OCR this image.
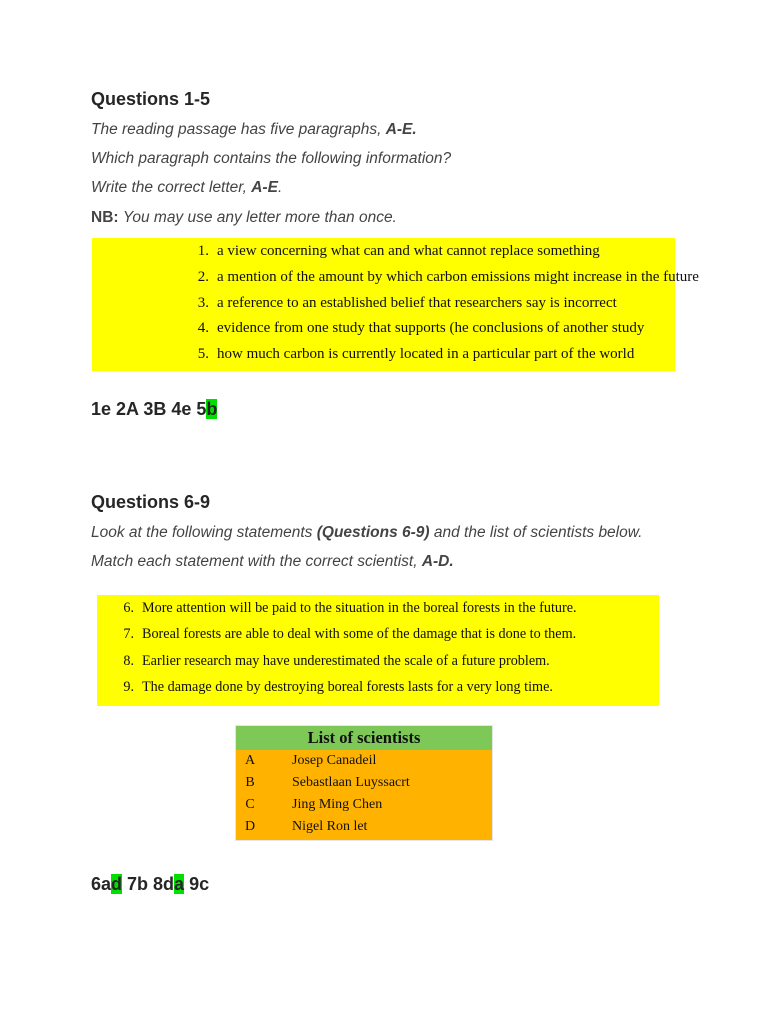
Questions 1-5
The reading passage has five paragraphs, A-E.
Which paragraph contains the following information?
Write the correct letter, A-E.
NB: You may use any letter more than once.
1. a view concerning what can and what cannot replace something
2. a mention of the amount by which carbon emissions might increase in the future
3. a reference to an established belief that researchers say is incorrect
4. evidence from one study that supports (he conclusions of another study
5. how much carbon is currently located in a particular part of the world
1e 2A 3B 4e 5b
Questions 6-9
Look at the following statements (Questions 6-9) and the list of scientists below.
Match each statement with the correct scientist, A-D.
6. More attention will be paid to the situation in the boreal forests in the future.
7. Boreal forests are able to deal with some of the damage that is done to them.
8. Earlier research may have underestimated the scale of a future problem.
9. The damage done by destroying boreal forests lasts for a very long time.
List of scientists
A	Josep Canadeil
B	Sebastlaan Luyssacrt
C	Jing Ming Chen
D	Nigel Ron let
6ad 7b 8da 9c
